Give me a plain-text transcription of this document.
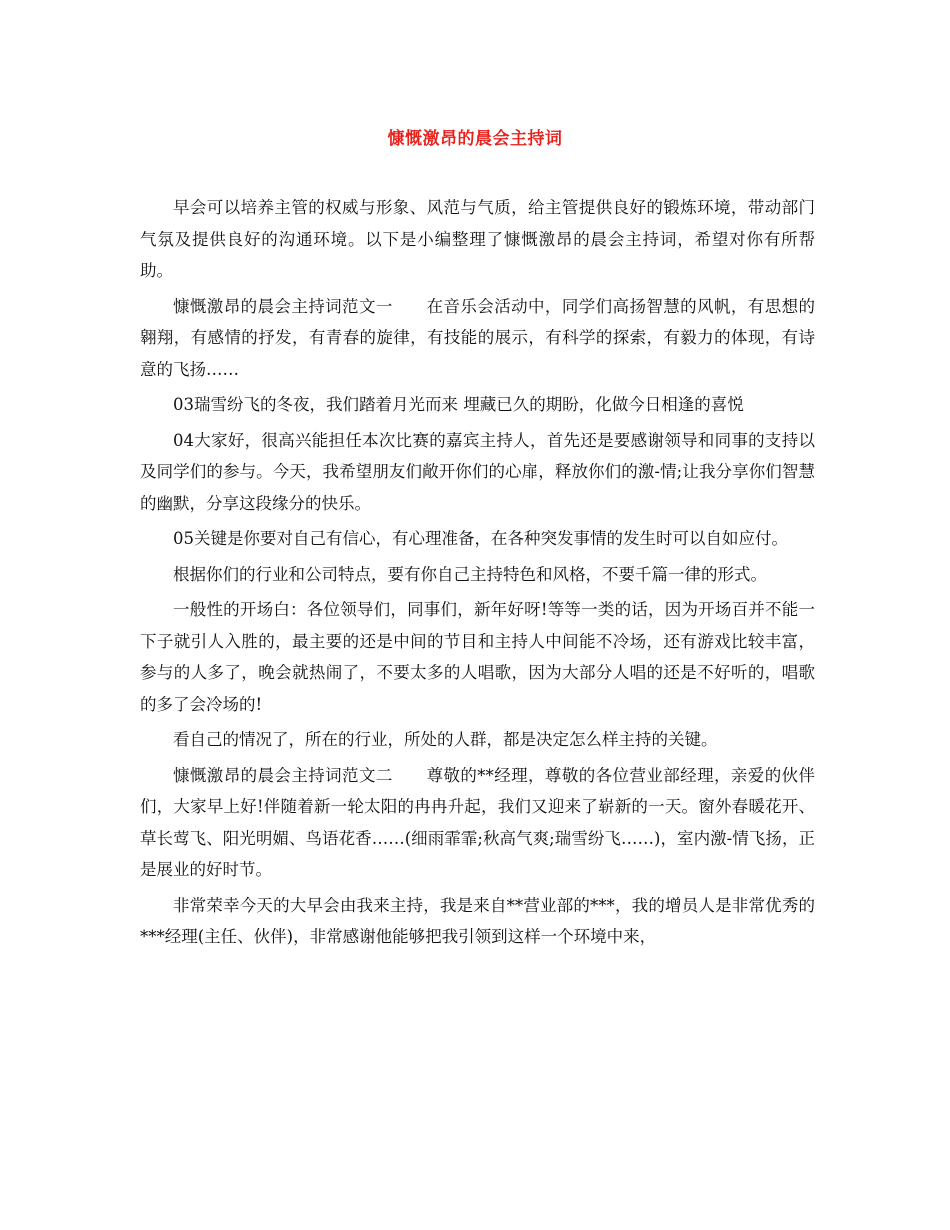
慷慨激昂的晨会主持词

早会可以培养主管的权威与形象、风范与气质，给主管提供良好的锻炼环境，带动部门气氛及提供良好的沟通环境。以下是小编整理了慷慨激昂的晨会主持词，希望对你有所帮助。

慷慨激昂的晨会主持词范文一　　在音乐会活动中，同学们高扬智慧的风帆，有思想的翱翔，有感情的抒发，有青春的旋律，有技能的展示，有科学的探索，有毅力的体现，有诗意的飞扬……

03瑞雪纷飞的冬夜，我们踏着月光而来 埋藏已久的期盼，化做今日相逢的喜悦

04大家好，很高兴能担任本次比赛的嘉宾主持人，首先还是要感谢领导和同事的支持以及同学们的参与。今天，我希望朋友们敞开你们的心扉，释放你们的激-情;让我分享你们智慧的幽默，分享这段缘分的快乐。

05关键是你要对自己有信心，有心理准备，在各种突发事情的发生时可以自如应付。

根据你们的行业和公司特点，要有你自己主持特色和风格，不要千篇一律的形式。

一般性的开场白：各位领导们，同事们，新年好呀!等等一类的话，因为开场百并不能一下子就引人入胜的，最主要的还是中间的节目和主持人中间能不冷场，还有游戏比较丰富，参与的人多了，晚会就热闹了，不要太多的人唱歌，因为大部分人唱的还是不好听的，唱歌的多了会冷场的!

看自己的情况了，所在的行业，所处的人群，都是决定怎么样主持的关键。

慷慨激昂的晨会主持词范文二　　尊敬的**经理，尊敬的各位营业部经理，亲爱的伙伴们，大家早上好!伴随着新一轮太阳的冉冉升起，我们又迎来了崭新的一天。窗外春暖花开、草长莺飞、阳光明媚、鸟语花香……(细雨霏霏;秋高气爽;瑞雪纷飞……)，室内激-情飞扬，正是展业的好时节。

非常荣幸今天的大早会由我来主持，我是来自**营业部的***，我的增员人是非常优秀的***经理(主任、伙伴)，非常感谢他能够把我引领到这样一个环境中来，
